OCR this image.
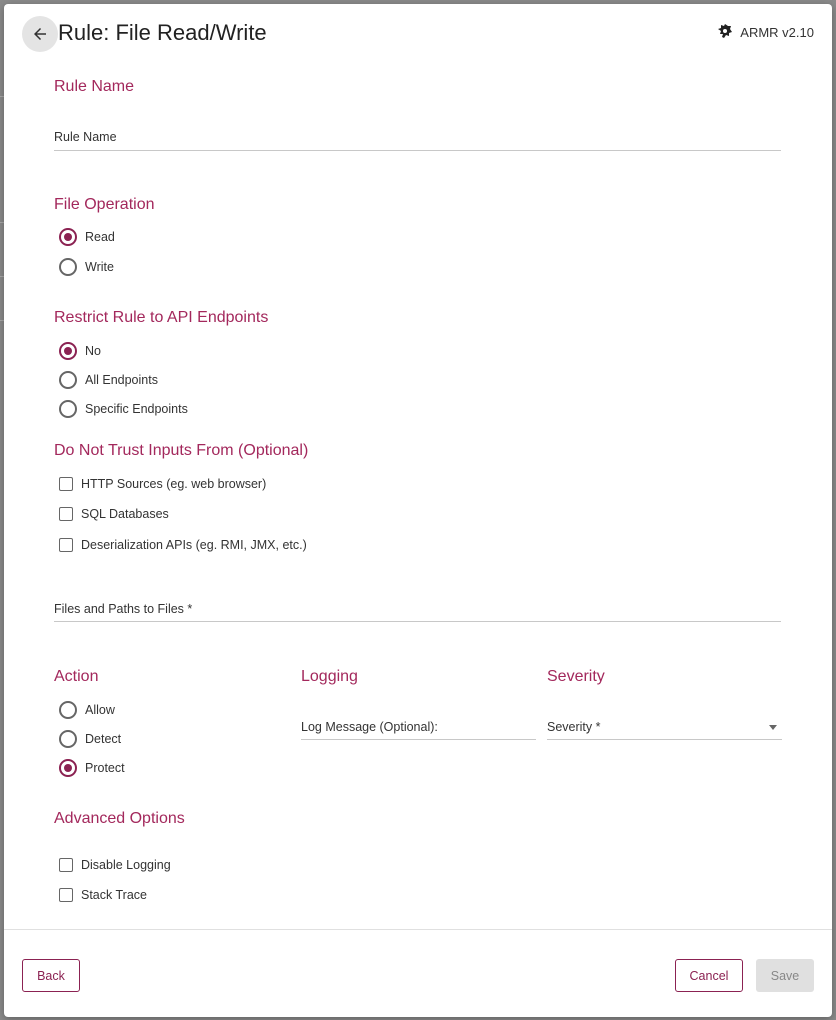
Rule: File Read/Write	ARMR v2.10
Rule Name
Rule Name
File Operation
Read
Write
Restrict Rule to API Endpoints
No
All Endpoints
Specific Endpoints
Do Not Trust Inputs From (Optional)
HTTP Sources (eg. web browser)
SQL Databases
Deserialization APIs (eg. RMI, JMX, etc.)
Files and Paths to Files *
Action
Allow
Detect
Protect
Logging
Log Message (Optional):
Severity
Severity *
Advanced Options
Disable Logging
Stack Trace
Back	Cancel	Save
